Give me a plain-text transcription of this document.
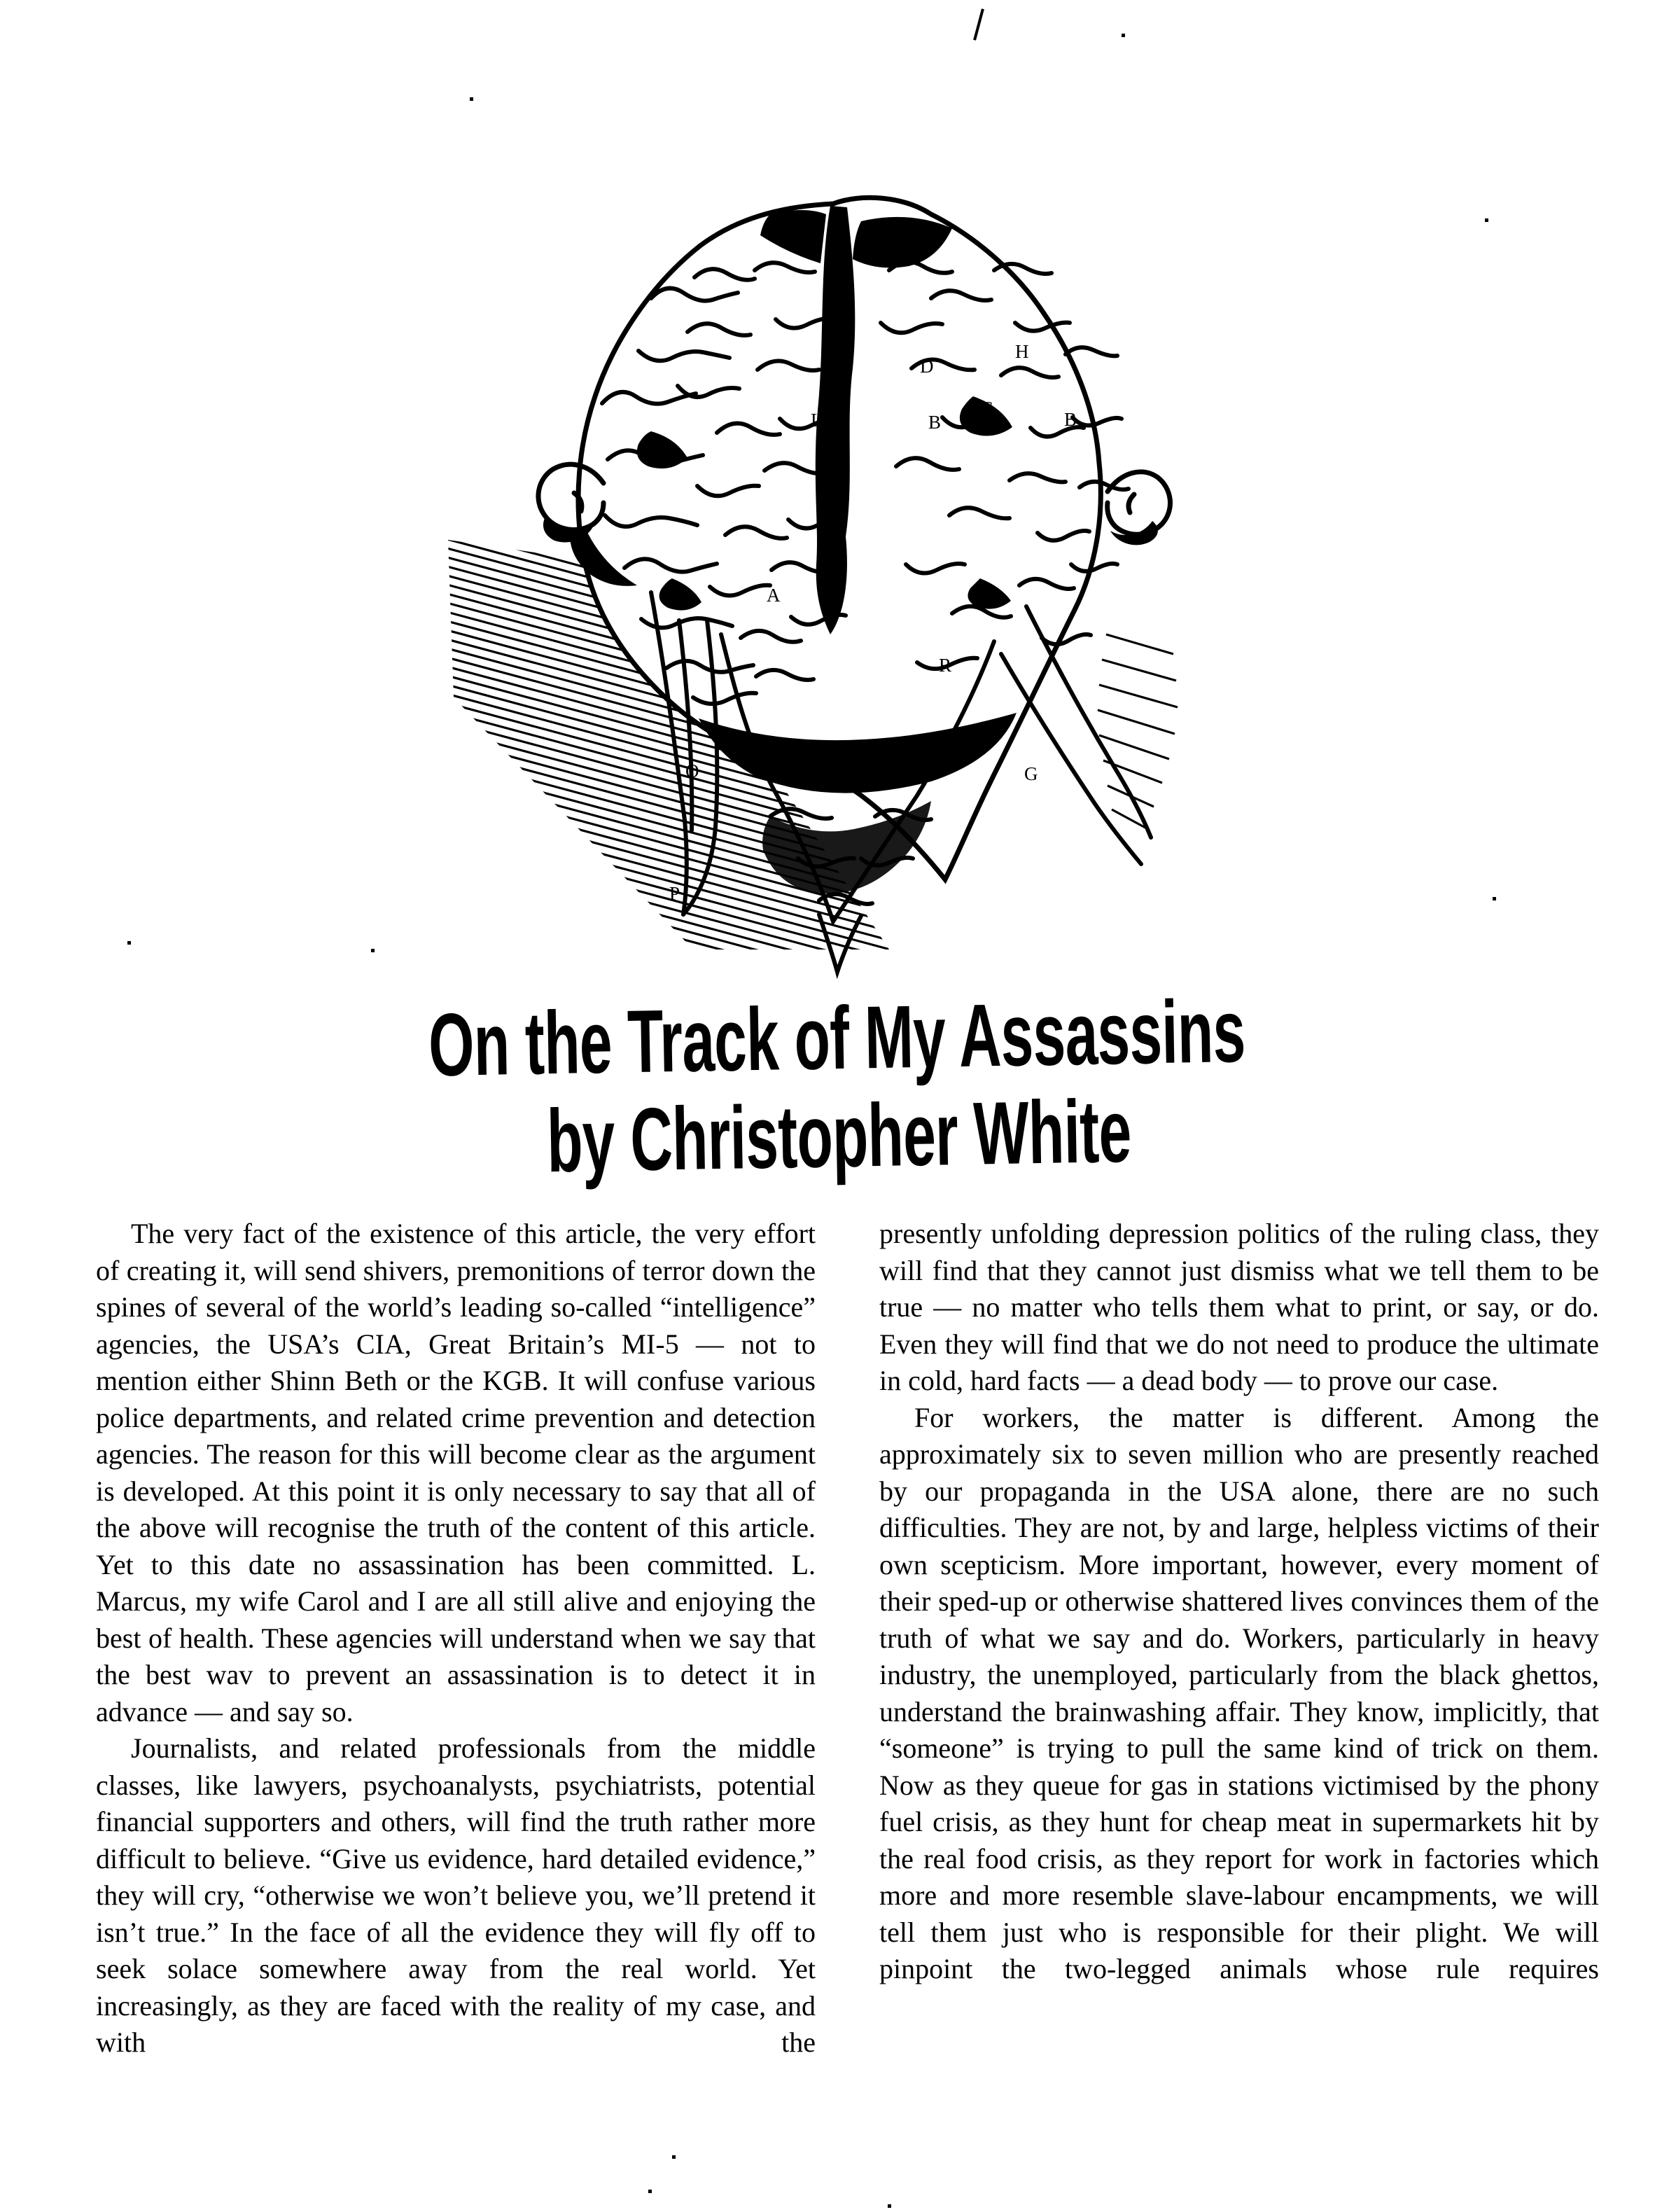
D
H
G
L	B	B
I
A
R
O	G
P
On the Track of My Assassins
by Christopher White

The very fact of the existence of this article, the very effort of creating it, will send shivers, premonitions of terror down the spines of several of the world’s leading so-called “intelligence” agencies, the USA’s CIA, Great Britain’s MI-5 — not to mention either Shinn Beth or the KGB. It will confuse various police departments, and related crime prevention and detection agencies. The reason for this will become clear as the argument is developed. At this point it is only necessary to say that all of the above will recognise the truth of the content of this article. Yet to this date no assassination has been committed. L. Marcus, my wife Carol and I are all still alive and enjoying the best of health. These agencies will understand when we say that the best wav to prevent an assassination is to detect it in advance — and say so.

Journalists, and related professionals from the middle classes, like lawyers, psychoanalysts, psychiatrists, potential financial supporters and others, will find the truth rather more difficult to believe. “Give us evidence, hard detailed evidence,” they will cry, “otherwise we won’t believe you, we’ll pretend it isn’t true.” In the face of all the evidence they will fly off to seek solace somewhere away from the real world. Yet increasingly, as they are faced with the reality of my case, and with the

presently unfolding depression politics of the ruling class, they will find that they cannot just dismiss what we tell them to be true — no matter who tells them what to print, or say, or do. Even they will find that we do not need to produce the ultimate in cold, hard facts — a dead body — to prove our case.

For workers, the matter is different. Among the approximately six to seven million who are presently reached by our propaganda in the USA alone, there are no such difficulties. They are not, by and large, helpless victims of their own scepticism. More important, however, every moment of their sped-up or otherwise shattered lives convinces them of the truth of what we say and do. Workers, particularly in heavy industry, the unemployed, particularly from the black ghettos, understand the brainwashing affair. They know, implicitly, that “someone” is trying to pull the same kind of trick on them. Now as they queue for gas in stations victimised by the phony fuel crisis, as they hunt for cheap meat in supermarkets hit by the real food crisis, as they report for work in factories which more and more resemble slave-labour encampments, we will tell them just who is responsible for their plight. We will pinpoint the two-legged animals whose rule requires
